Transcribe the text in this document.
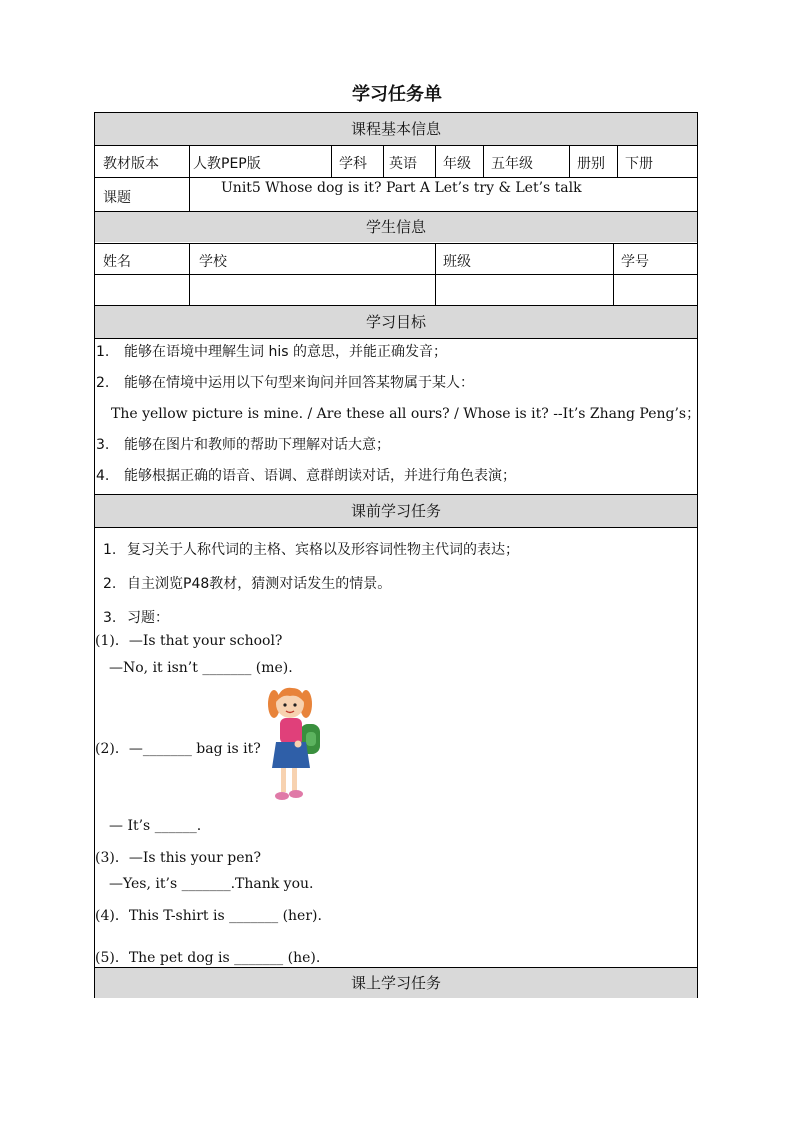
学习任务单
课程基本信息
教材版本 人教PEP版	学科 英语 年级 五年级	册别 下册
课题
Unit5 Whose dog is it? Part A Let’s try & Let’s talk
学生信息
姓名	学校	班级	学号
学习目标
1. 能够在语境中理解生词 his 的意思，并能正确发音；
2. 能够在情境中运用以下句型来询问并回答某物属于某人：
The yellow picture is mine. / Are these all ours? / Whose is it? --It’s Zhang Peng’s；
3. 能够在图片和教师的帮助下理解对话大意；
4. 能够根据正确的语音、语调、意群朗读对话，并进行角色表演；
课前学习任务
1. 复习关于人称代词的主格、宾格以及形容词性物主代词的表达；
2. 自主浏览P48教材，猜测对话发生的情景。
3. 习题：
(1)．—Is that your school?
—No, it isn’t _______ (me).
(2)．—_______ bag is it?
— It’s ______.
(3)．—Is this your pen?
—Yes, it’s _______.Thank you.
(4)．This T-shirt is _______ (her).
(5)．The pet dog is _______ (he).
课上学习任务
